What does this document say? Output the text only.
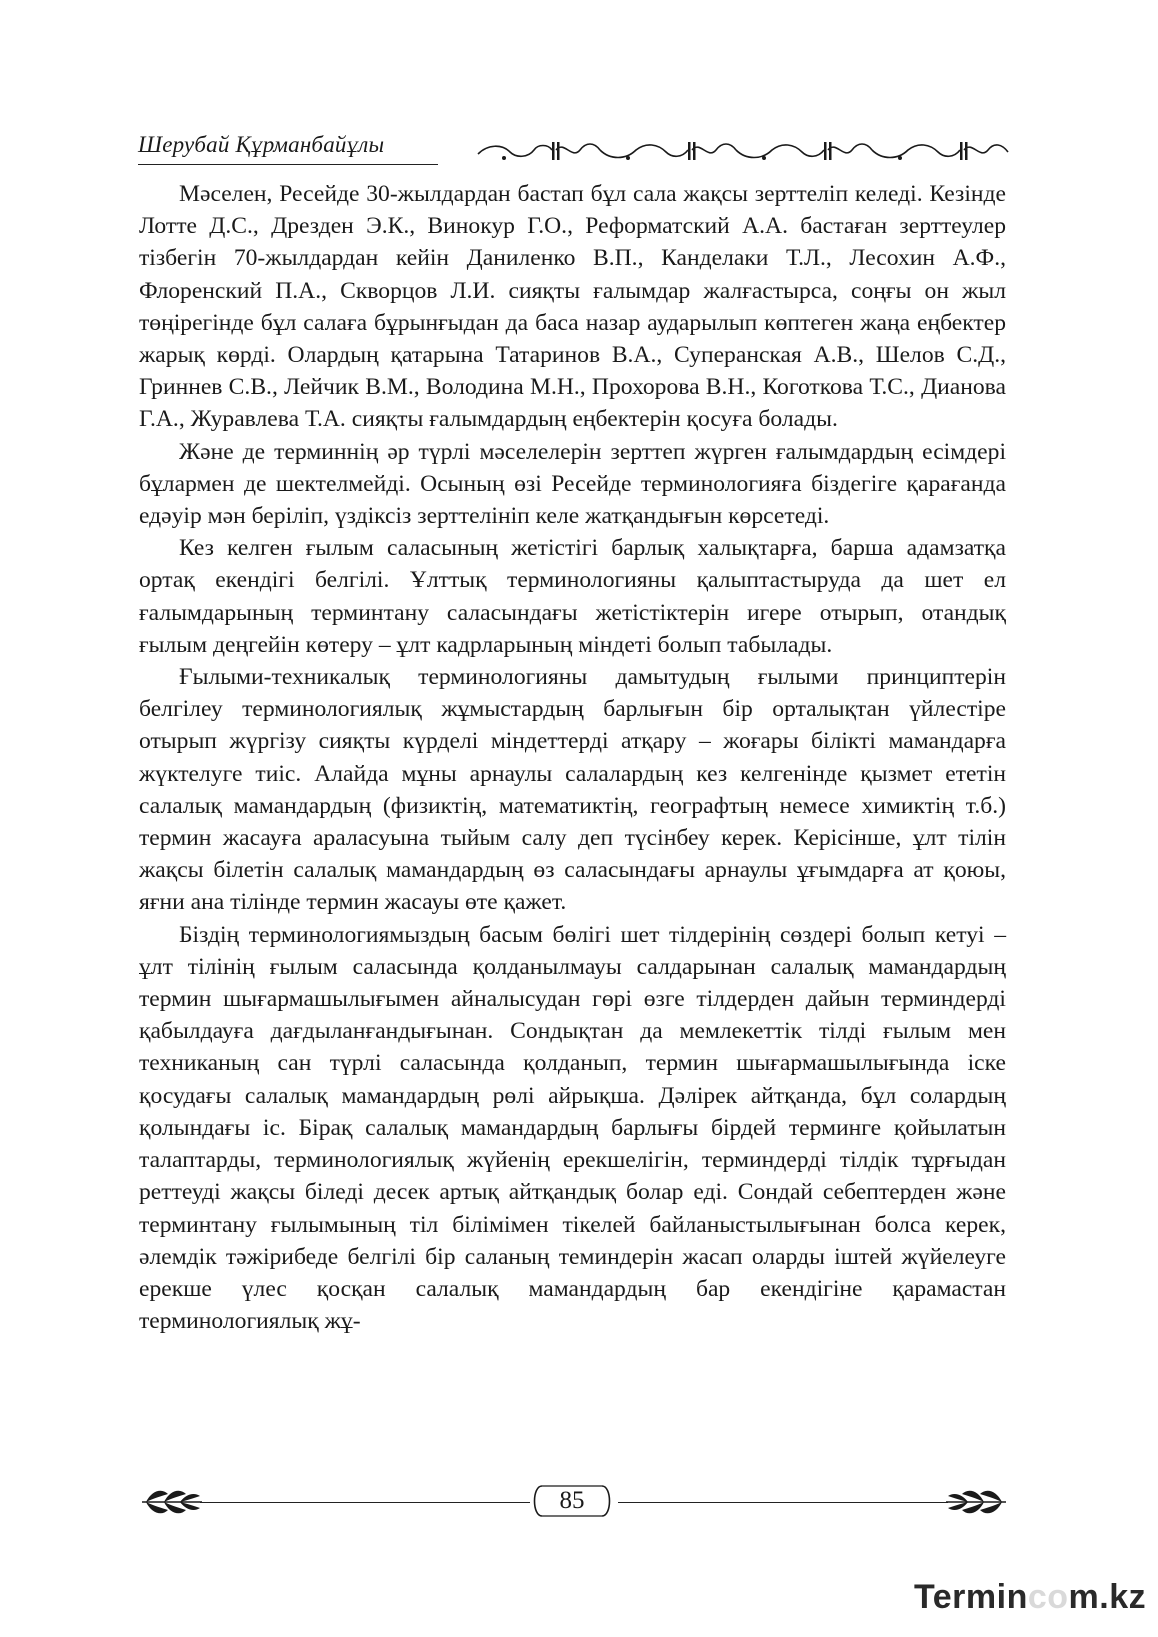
Шерубай Құрманбайұлы

Мәселен, Ресейде 30-жылдардан бастап бұл сала жақсы зерттеліп келеді. Кезінде Лотте Д.С., Дрезден Э.К., Винокур Г.О., Реформатский А.А. бастаған зерттеулер тізбегін 70-жылдардан кейін Даниленко В.П., Канделаки Т.Л., Лесохин А.Ф., Флоренский П.А., Скворцов Л.И. сияқты ғалымдар жалғастырса, соңғы он жыл төңірегінде бұл салаға бұрынғыдан да баса назар аударылып көптеген жаңа еңбектер жарық көрді. Олардың қатарына Татаринов В.А., Суперанская А.В., Шелов С.Д., Гриннев С.В., Лейчик В.М., Володина М.Н., Прохорова В.Н., Коготкова Т.С., Дианова Г.А., Журавлева Т.А. сияқты ғалымдардың еңбектерін қосуға болады.

Және де терминнің әр түрлі мәселелерін зерттеп жүрген ғалымдардың есімдері бұлармен де шектелмейді. Осының өзі Ресейде терминологияға біздегіге қарағанда едәуір мән беріліп, үздіксіз зерттелініп келе жатқандығын көрсетеді.

Кез келген ғылым саласының жетістігі барлық халықтарға, барша адамзатқа ортақ екендігі белгілі. Ұлттық терминологияны қалыптастыруда да шет ел ғалымдарының терминтану саласындағы жетістіктерін игере отырып, отандық ғылым деңгейін көтеру – ұлт кадрларының міндеті болып табылады.

Ғылыми-техникалық терминологияны дамытудың ғылыми принциптерін белгілеу терминологиялық жұмыстардың барлығын бір орталықтан үйлестіре отырып жүргізу сияқты күрделі міндеттерді атқару – жоғары білікті мамандарға жүктелуге тиіс. Алайда мұны арнаулы салалардың кез келгенінде қызмет ететін салалық мамандардың (физиктің, математиктің, географтың немесе химиктің т.б.) термин жасауға араласуына тыйым салу деп түсінбеу керек. Керісінше, ұлт тілін жақсы білетін салалық мамандардың өз саласындағы арнаулы ұғымдарға ат қоюы, яғни ана тілінде термин жасауы өте қажет.

Біздің терминологиямыздың басым бөлігі шет тілдерінің сөздері болып кетуі – ұлт тілінің ғылым саласында қолданылмауы салдарынан салалық мамандардың термин шығармашылығымен айналысудан гөрі өзге тілдерден дайын терминдерді қабылдауға дағдыланғандығынан. Сондықтан да мемлекеттік тілді ғылым мен техниканың сан түрлі саласында қолданып, термин шығармашылығында іске қосудағы салалық мамандардың рөлі айрықша. Дәлірек айтқанда, бұл солардың қолындағы іс. Бірақ салалық мамандардың барлығы бірдей терминге қойылатын талаптарды, терминологиялық жүйенің ерекшелігін, терминдерді тілдік тұрғыдан реттеуді жақсы біледі десек артық айтқандық болар еді. Сондай себептерден және терминтану ғылымының тіл білімімен тікелей байланыстылығынан болса керек, әлемдік тәжірибеде белгілі бір саланың теминдерін жасап оларды іштей жүйелеуге ерекше үлес қосқан салалық мамандардың бар екендігіне қарамастан терминологиялық жұ-

85
Termincom.kz
